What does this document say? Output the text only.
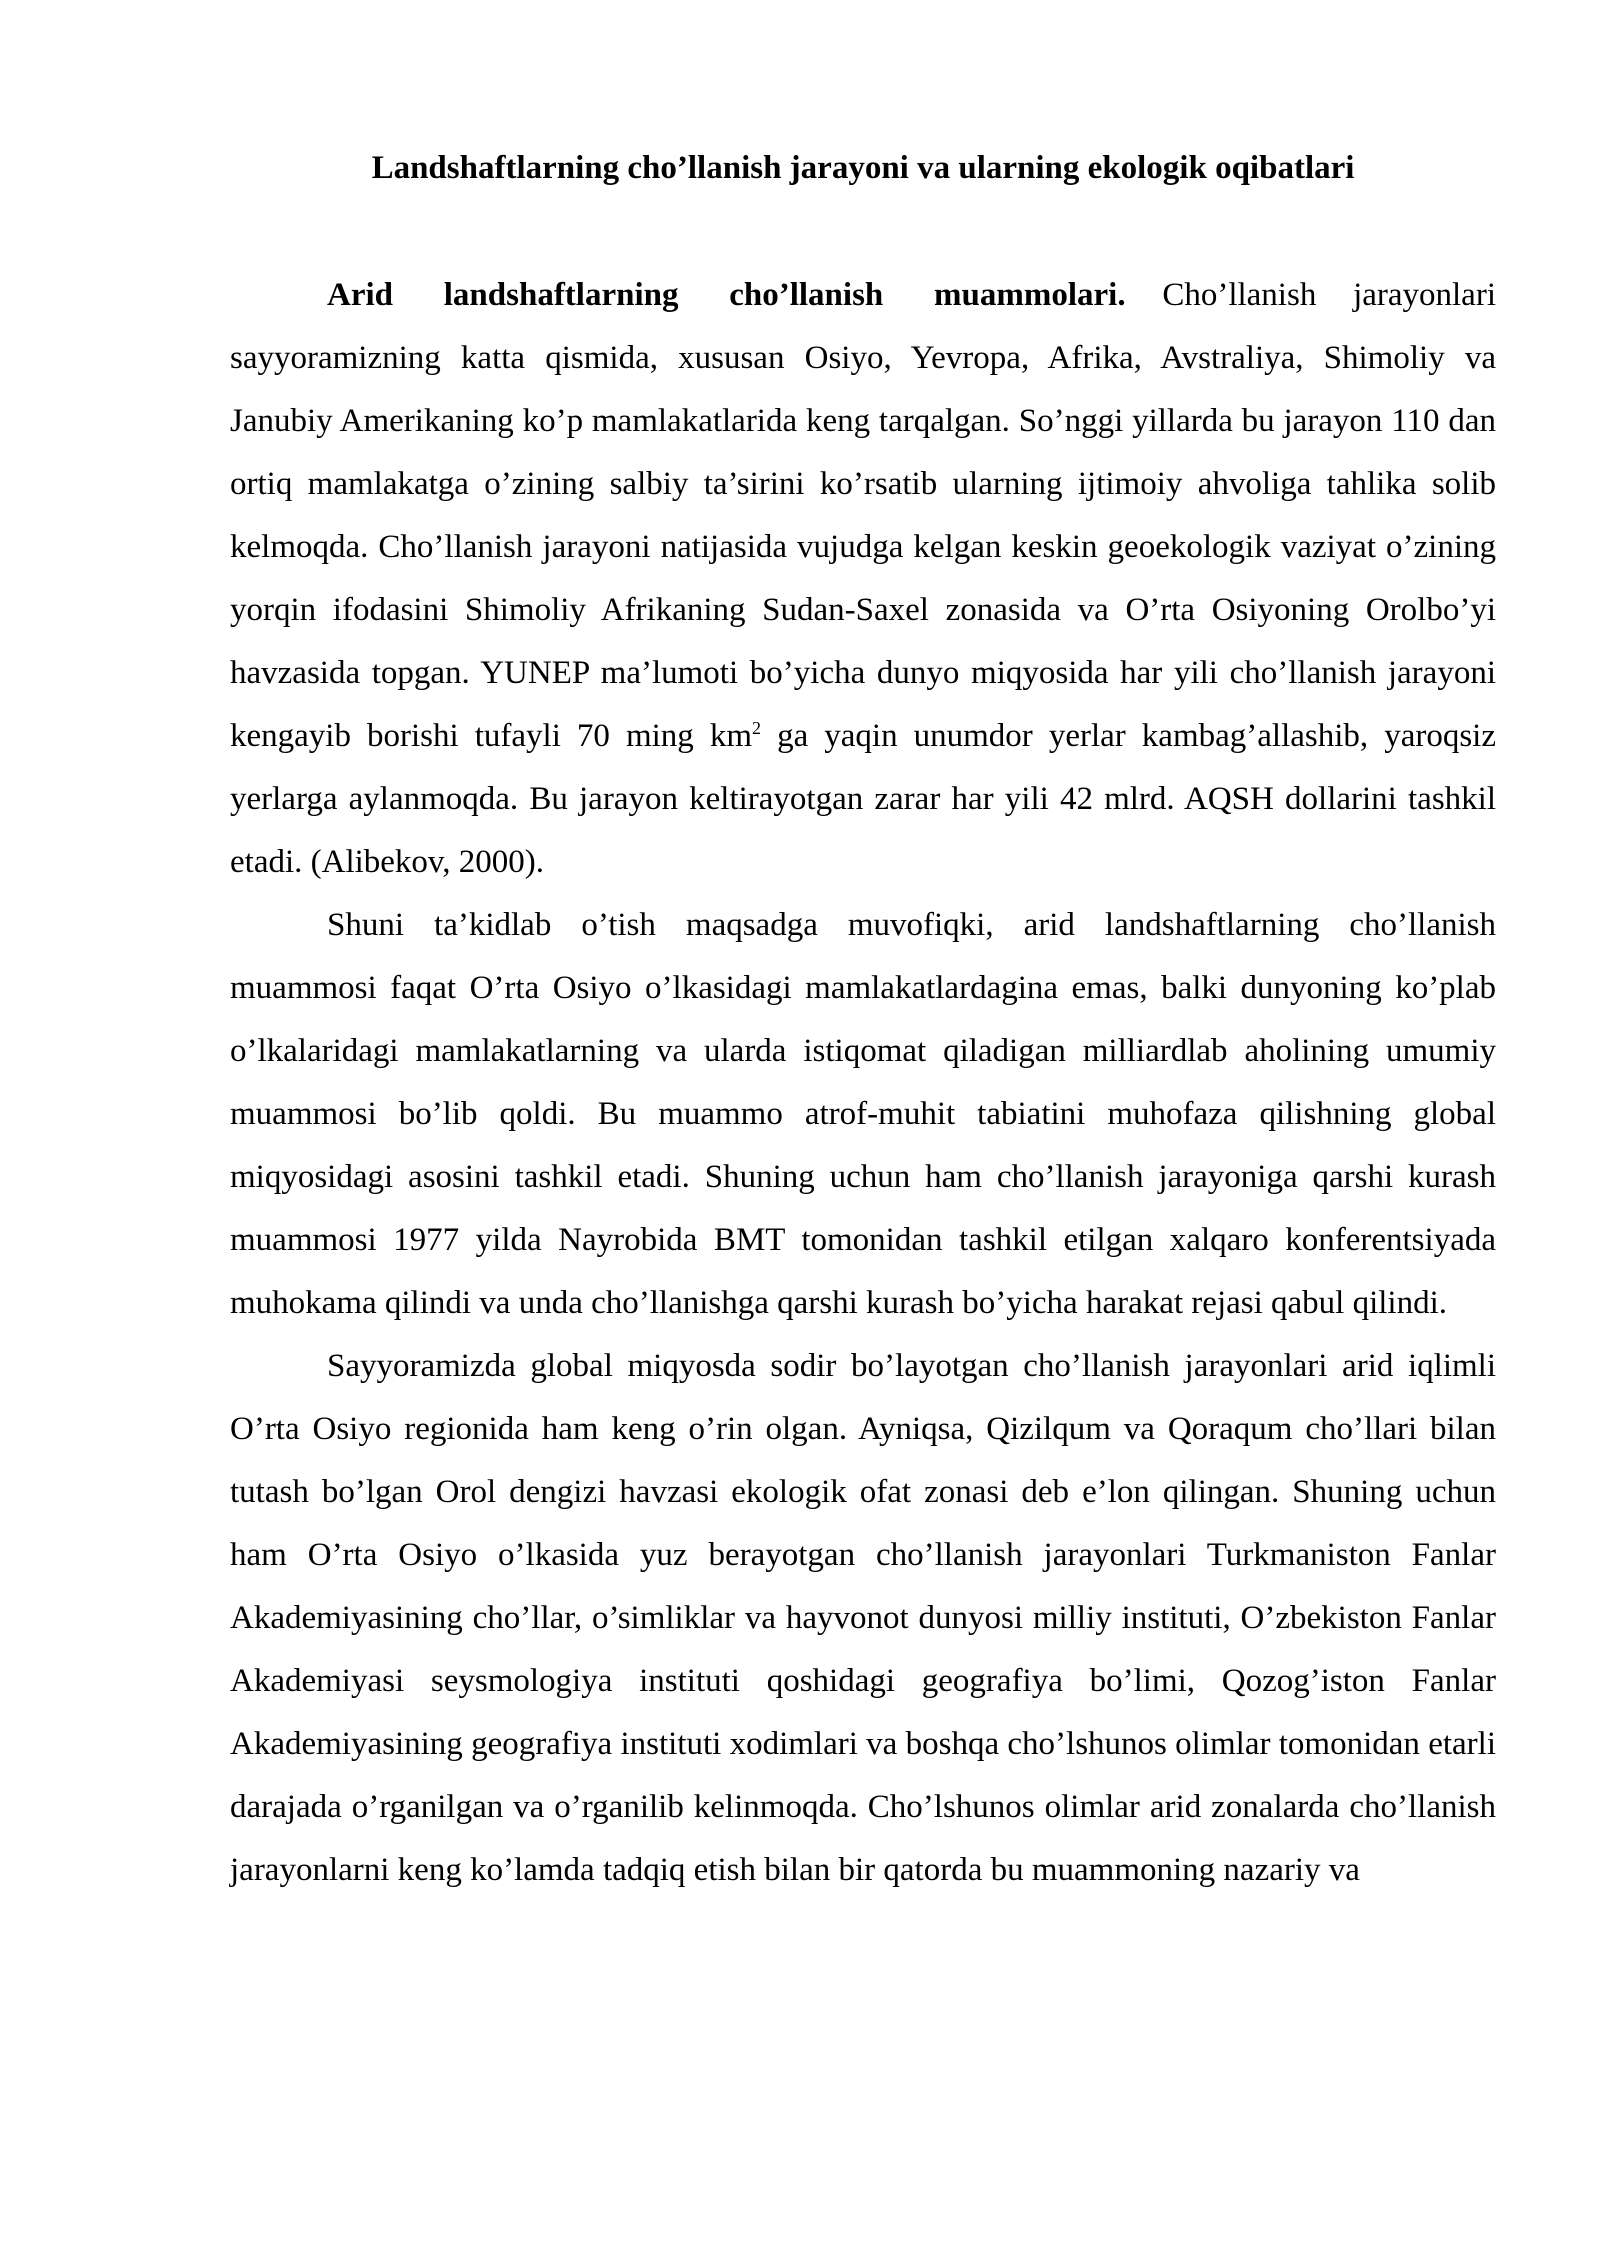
Landshaftlarning cho’llanish jarayoni va ularning ekologik oqibatlari

Arid landshaftlarning cho’llanish muammolari. Cho’llanish jarayonlari sayyoramizning katta qismida, xususan Osiyo, Yevropa, Afrika, Avstraliya, Shimoliy va Janubiy Amerikaning ko’p mamlakatlarida keng tarqalgan. So’nggi yillarda bu jarayon 110 dan ortiq mamlakatga o’zining salbiy ta’sirini ko’rsatib ularning ijtimoiy ahvoliga tahlika solib kelmoqda. Cho’llanish jarayoni natijasida vujudga kelgan keskin geoekologik vaziyat o’zining yorqin ifodasini Shimoliy Afrikaning Sudan-Saxel zonasida va O’rta Osiyoning Orolbo’yi havzasida topgan. YUNEP ma’lumoti bo’yicha dunyo miqyosida har yili cho’llanish jarayoni kengayib borishi tufayli 70 ming $km^2$ ga yaqin unumdor yerlar kambag’allashib, yaroqsiz yerlarga aylanmoqda. Bu jarayon keltirayotgan zarar har yili 42 mlrd. AQSH dollarini tashkil etadi. (Alibekov, 2000).

Shuni ta’kidlab o’tish maqsadga muvofiqki, arid landshaftlarning cho’llanish muammosi faqat O’rta Osiyo o’lkasidagi mamlakatlardagina emas, balki dunyoning ko’plab o’lkalaridagi mamlakatlarning va ularda istiqomat qiladigan milliardlab aholining umumiy muammosi bo’lib qoldi. Bu muammo atrof-muhit tabiatini muhofaza qilishning global miqyosidagi asosini tashkil etadi. Shuning uchun ham cho’llanish jarayoniga qarshi kurash muammosi 1977 yilda Nayrobida BMT tomonidan tashkil etilgan xalqaro konferentsiyada muhokama qilindi va unda cho’llanishga qarshi kurash bo’yicha harakat rejasi qabul qilindi.

Sayyoramizda global miqyosda sodir bo’layotgan cho’llanish jarayonlari arid iqlimli O’rta Osiyo regionida ham keng o’rin olgan. Ayniqsa, Qizilqum va Qoraqum cho’llari bilan tutash bo’lgan Orol dengizi havzasi ekologik ofat zonasi deb e’lon qilingan. Shuning uchun ham O’rta Osiyo o’lkasida yuz berayotgan cho’llanish jarayonlari Turkmaniston Fanlar Akademiyasining cho’llar, o’simliklar va hayvonot dunyosi milliy instituti, O’zbekiston Fanlar Akademiyasi seysmologiya instituti qoshidagi geografiya bo’limi, Qozog’iston Fanlar Akademiyasining geografiya instituti xodimlari va boshqa cho’lshunos olimlar tomonidan etarli darajada o’rganilgan va o’rganilib kelinmoqda. Cho’lshunos olimlar arid zonalarda cho’llanish jarayonlarni keng ko’lamda tadqiq etish bilan bir qatorda bu muammoning nazariy va
